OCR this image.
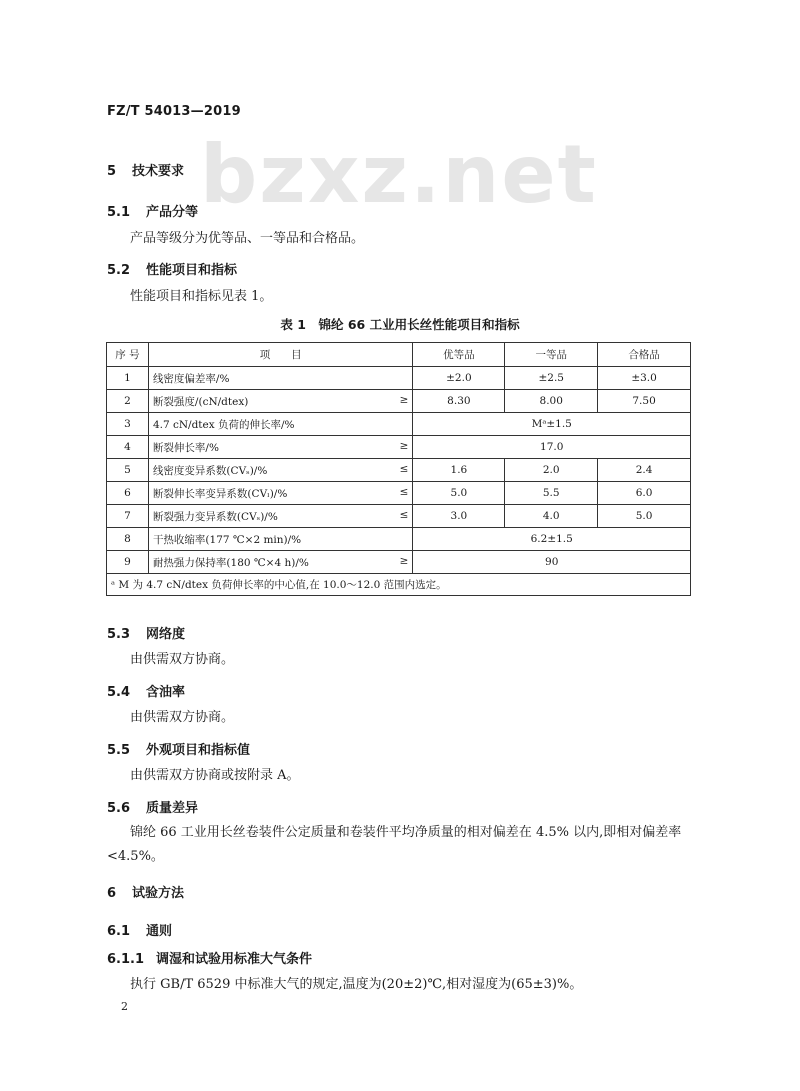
bzxz.net
FZ/T 54013—2019
5 技术要求
5.1 产品分等
产品等级分为优等品、一等品和合格品。
5.2 性能项目和指标
性能项目和指标见表 1。
表 1　锦纶 66 工业用长丝性能项目和指标
序 号	项　　目	优等品	一等品	合格品
1	线密度偏差率/%	±2.0	±2.5	±3.0
2	断裂强度/(cN/dtex) ≥	8.30	8.00	7.50
3	4.7 cN/dtex 负荷的伸长率/%	Mᵃ±1.5		
4	断裂伸长率/% ≥	17.0		
5	线密度变异系数(CVₛ)/% ≤	1.6	2.0	2.4
6	断裂伸长率变异系数(CVₗ)/% ≤	5.0	5.5	6.0
7	断裂强力变异系数(CVₛ)/% ≤	3.0	4.0	5.0
8	干热收缩率(177 ℃×2 min)/%	6.2±1.5		
9	耐热强力保持率(180 ℃×4 h)/% ≥	90		
ᵃ M 为 4.7 cN/dtex 负荷伸长率的中心值,在 10.0～12.0 范围内选定。				
5.3 网络度
由供需双方协商。
5.4 含油率
由供需双方协商。
5.5 外观项目和指标值
由供需双方协商或按附录 A。
5.6 质量差异
锦纶 66 工业用长丝卷装件公定质量和卷装件平均净质量的相对偏差在 4.5% 以内,即相对偏差率
<4.5%。
6 试验方法
6.1 通则
6.1.1 调湿和试验用标准大气条件
执行 GB/T 6529 中标准大气的规定,温度为(20±2)℃,相对湿度为(65±3)%。
2
